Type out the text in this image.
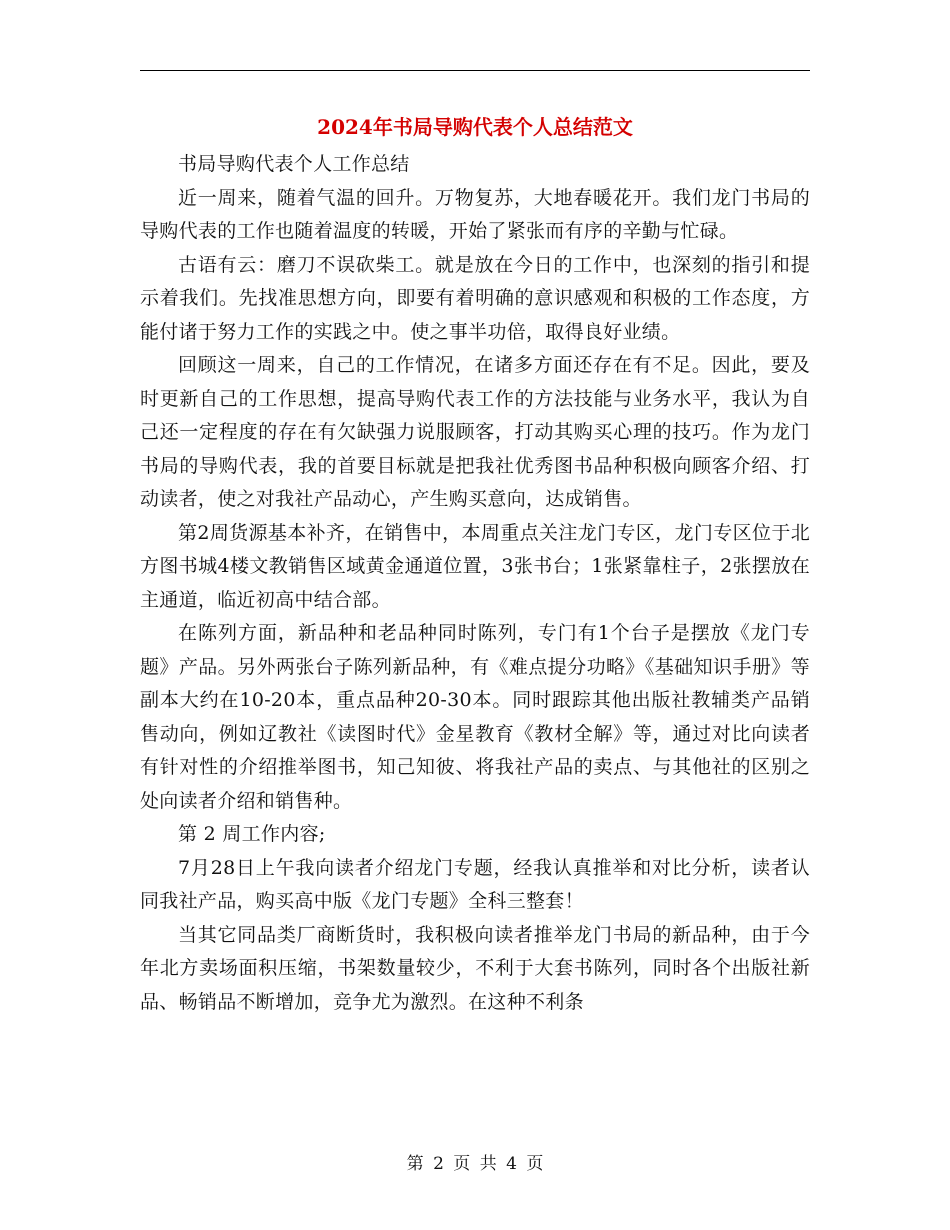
2024年书局导购代表个人总结范文

书局导购代表个人工作总结

近一周来，随着气温的回升。万物复苏，大地春暖花开。我们龙门书局的导购代表的工作也随着温度的转暖，开始了紧张而有序的辛勤与忙碌。

古语有云：磨刀不误砍柴工。就是放在今日的工作中，也深刻的指引和提示着我们。先找准思想方向，即要有着明确的意识感观和积极的工作态度，方能付诸于努力工作的实践之中。使之事半功倍，取得良好业绩。

回顾这一周来，自己的工作情况，在诸多方面还存在有不足。因此，要及时更新自己的工作思想，提高导购代表工作的方法技能与业务水平，我认为自己还一定程度的存在有欠缺强力说服顾客，打动其购买心理的技巧。作为龙门书局的导购代表，我的首要目标就是把我社优秀图书品种积极向顾客介绍、打动读者，使之对我社产品动心，产生购买意向，达成销售。

第2周货源基本补齐，在销售中，本周重点关注龙门专区，龙门专区位于北方图书城4楼文教销售区域黄金通道位置，3张书台；1张紧靠柱子，2张摆放在主通道，临近初高中结合部。

在陈列方面，新品种和老品种同时陈列，专门有1个台子是摆放《龙门专题》产品。另外两张台子陈列新品种，有《难点提分功略》《基础知识手册》等副本大约在10-20本，重点品种20-30本。同时跟踪其他出版社教辅类产品销售动向，例如辽教社《读图时代》金星教育《教材全解》等，通过对比向读者有针对性的介绍推举图书，知己知彼、将我社产品的卖点、与其他社的区别之处向读者介绍和销售种。

第 2 周工作内容;

7月28日上午我向读者介绍龙门专题，经我认真推举和对比分析，读者认同我社产品，购买高中版《龙门专题》全科三整套！

当其它同品类厂商断货时，我积极向读者推举龙门书局的新品种，由于今年北方卖场面积压缩，书架数量较少，不利于大套书陈列，同时各个出版社新品、畅销品不断增加，竞争尤为激烈。在这种不利条

第 2 页 共 4 页
